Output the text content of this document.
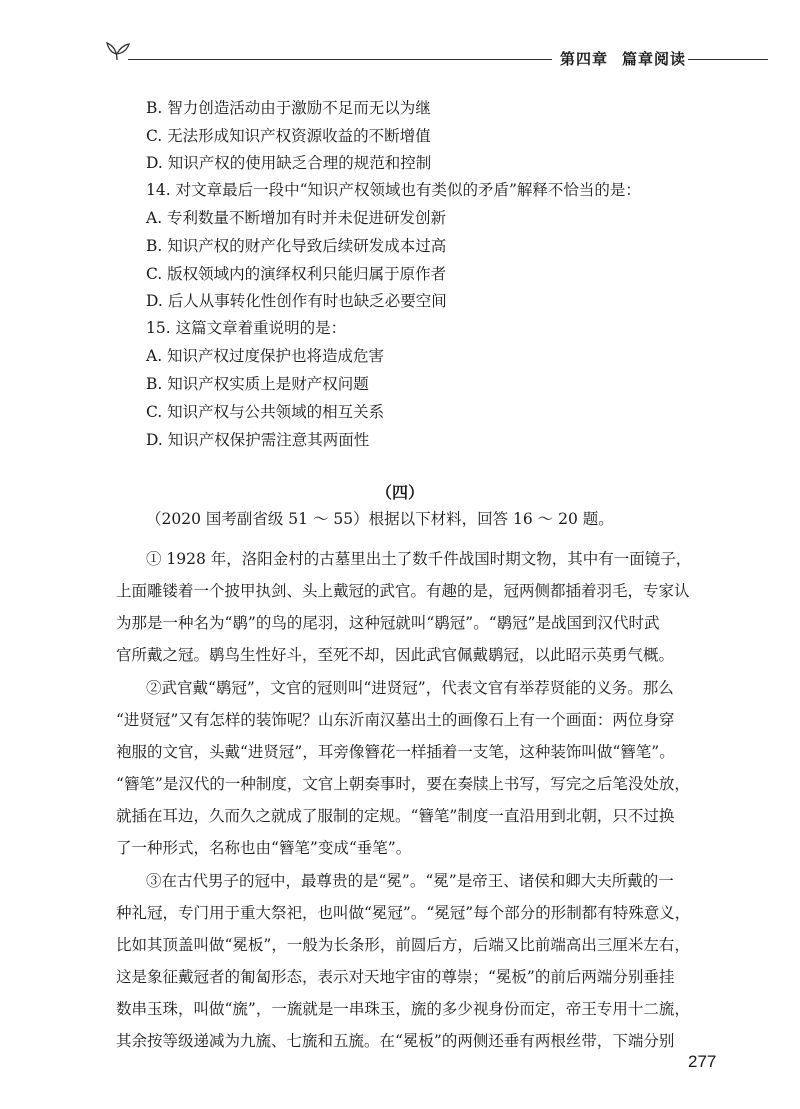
第四章 篇章阅读
B. 智力创造活动由于激励不足而无以为继
C. 无法形成知识产权资源收益的不断增值
D. 知识产权的使用缺乏合理的规范和控制
14. 对文章最后一段中“知识产权领域也有类似的矛盾”解释不恰当的是：
A. 专利数量不断增加有时并未促进研发创新
B. 知识产权的财产化导致后续研发成本过高
C. 版权领域内的演绎权利只能归属于原作者
D. 后人从事转化性创作有时也缺乏必要空间
15. 这篇文章着重说明的是：
A. 知识产权过度保护也将造成危害
B. 知识产权实质上是财产权问题
C. 知识产权与公共领域的相互关系
D. 知识产权保护需注意其两面性
（四）
（2020 国考副省级 51 ～ 55）根据以下材料，回答 16 ～ 20 题。
① 1928 年，洛阳金村的古墓里出土了数千件战国时期文物，其中有一面镜子，
上面雕镂着一个披甲执剑、头上戴冠的武官。有趣的是，冠两侧都插着羽毛，专家认
为那是一种名为“鹖”的鸟的尾羽，这种冠就叫“鹖冠”。“鹖冠”是战国到汉代时武
官所戴之冠。鹖鸟生性好斗，至死不却，因此武官佩戴鹖冠，以此昭示英勇气概。
②武官戴“鹖冠”，文官的冠则叫“进贤冠”，代表文官有举荐贤能的义务。那么
“进贤冠”又有怎样的装饰呢？山东沂南汉墓出土的画像石上有一个画面：两位身穿
袍服的文官，头戴“进贤冠”，耳旁像簪花一样插着一支笔，这种装饰叫做“簪笔”。
“簪笔”是汉代的一种制度，文官上朝奏事时，要在奏牍上书写，写完之后笔没处放，
就插在耳边，久而久之就成了服制的定规。“簪笔”制度一直沿用到北朝，只不过换
了一种形式，名称也由“簪笔”变成“垂笔”。
③在古代男子的冠中，最尊贵的是“冕”。“冕”是帝王、诸侯和卿大夫所戴的一
种礼冠，专门用于重大祭祀，也叫做“冕冠”。“冕冠”每个部分的形制都有特殊意义，
比如其顶盖叫做“冕板”，一般为长条形，前圆后方，后端又比前端高出三厘米左右，
这是象征戴冠者的匍匐形态，表示对天地宇宙的尊崇；“冕板”的前后两端分别垂挂
数串玉珠，叫做“旒”，一旒就是一串珠玉，旒的多少视身份而定，帝王专用十二旒，
其余按等级递减为九旒、七旒和五旒。在“冕板”的两侧还垂有两根丝带，下端分别
277
